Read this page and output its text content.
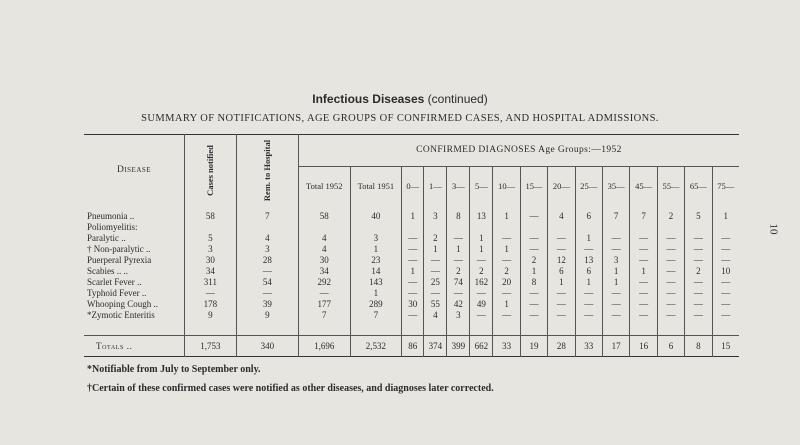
Infectious Diseases (continued)
SUMMARY OF NOTIFICATIONS, AGE GROUPS OF CONFIRMED CASES, AND HOSPITAL ADMISSIONS.
10
Disease	Cases notified	Rem. to Hospital	CONFIRMED DIAGNOSES Age Groups:—1952														
			Total 1952	Total 1951	0—	1—	3—	5—	10—	15—	20—	25—	35—	45—	55—	65—	75—
Pneumonia ..	58	7	58	40	1	3	8	13	1	—	4	6	7	7	2	5	1
Poliomyelitis:																	
Paralytic ..	5	4	4	3	—	2	—	1	—	—	—	1	—	—	—	—	—
† Non-paralytic ..	3	3	4	1	—	1	1	1	1	—	—	—	—	—	—	—	—
Puerperal Pyrexia	30	28	30	23	—	—	—	—	—	2	12	13	3	—	—	—	—
Scabies .. ..	34	—	34	14	1	—	2	2	2	1	6	6	1	1	—	2	10
Scarlet Fever ..	311	54	292	143	—	25	74	162	20	8	1	1	1	—	—	—	—
Typhoid Fever ..	—	—	—	1	—	—	—	—	—	—	—	—	—	—	—	—	—
Whooping Cough ..	178	39	177	289	30	55	42	49	1	—	—	—	—	—	—	—	—
*Zymotic Enteritis	9	9	7	7	—	4	3	—	—	—	—	—	—	—	—	—	—

Totals ..	1,753	340	1,696	2,532	86	374	399	662	33	19	28	33	17	16	6	8	15
*Notifiable from July to September only.
†Certain of these confirmed cases were notified as other diseases, and diagnoses later corrected.
